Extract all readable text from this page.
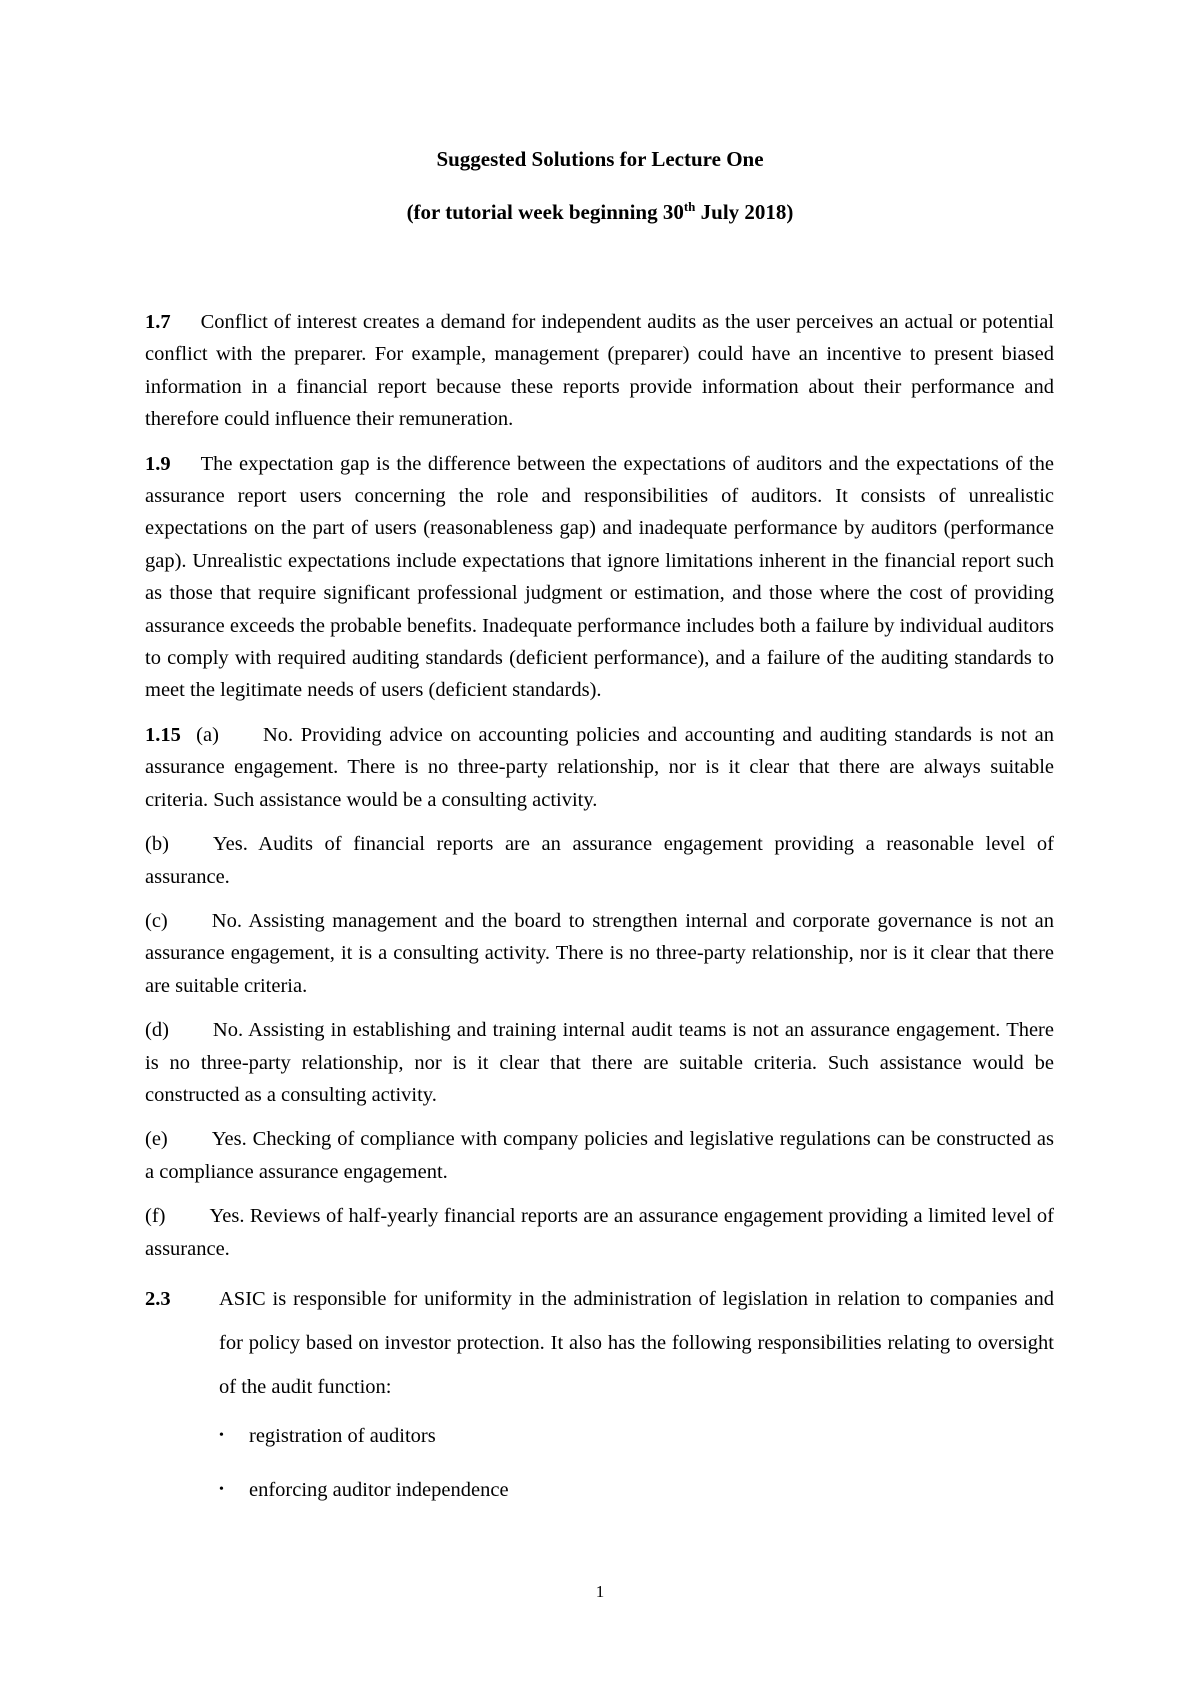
Suggested Solutions for Lecture One
(for tutorial week beginning 30th July 2018)

1.7 Conflict of interest creates a demand for independent audits as the user perceives an actual or potential conflict with the preparer. For example, management (preparer) could have an incentive to present biased information in a financial report because these reports provide information about their performance and therefore could influence their remuneration.

1.9 The expectation gap is the difference between the expectations of auditors and the expectations of the assurance report users concerning the role and responsibilities of auditors. It consists of unrealistic expectations on the part of users (reasonableness gap) and inadequate performance by auditors (performance gap). Unrealistic expectations include expectations that ignore limitations inherent in the financial report such as those that require significant professional judgment or estimation, and those where the cost of providing assurance exceeds the probable benefits. Inadequate performance includes both a failure by individual auditors to comply with required auditing standards (deficient performance), and a failure of the auditing standards to meet the legitimate needs of users (deficient standards).

1.15 (a) No. Providing advice on accounting policies and accounting and auditing standards is not an assurance engagement. There is no three-party relationship, nor is it clear that there are always suitable criteria. Such assistance would be a consulting activity.

(b) Yes. Audits of financial reports are an assurance engagement providing a reasonable level of assurance.

(c) No. Assisting management and the board to strengthen internal and corporate governance is not an assurance engagement, it is a consulting activity. There is no three-party relationship, nor is it clear that there are suitable criteria.

(d) No. Assisting in establishing and training internal audit teams is not an assurance engagement. There is no three-party relationship, nor is it clear that there are suitable criteria. Such assistance would be constructed as a consulting activity.

(e) Yes. Checking of compliance with company policies and legislative regulations can be constructed as a compliance assurance engagement.

(f) Yes. Reviews of half-yearly financial reports are an assurance engagement providing a limited level of assurance.

2.3 ASIC is responsible for uniformity in the administration of legislation in relation to companies and for policy based on investor protection. It also has the following responsibilities relating to oversight of the audit function:

• registration of auditors
• enforcing auditor independence
1
